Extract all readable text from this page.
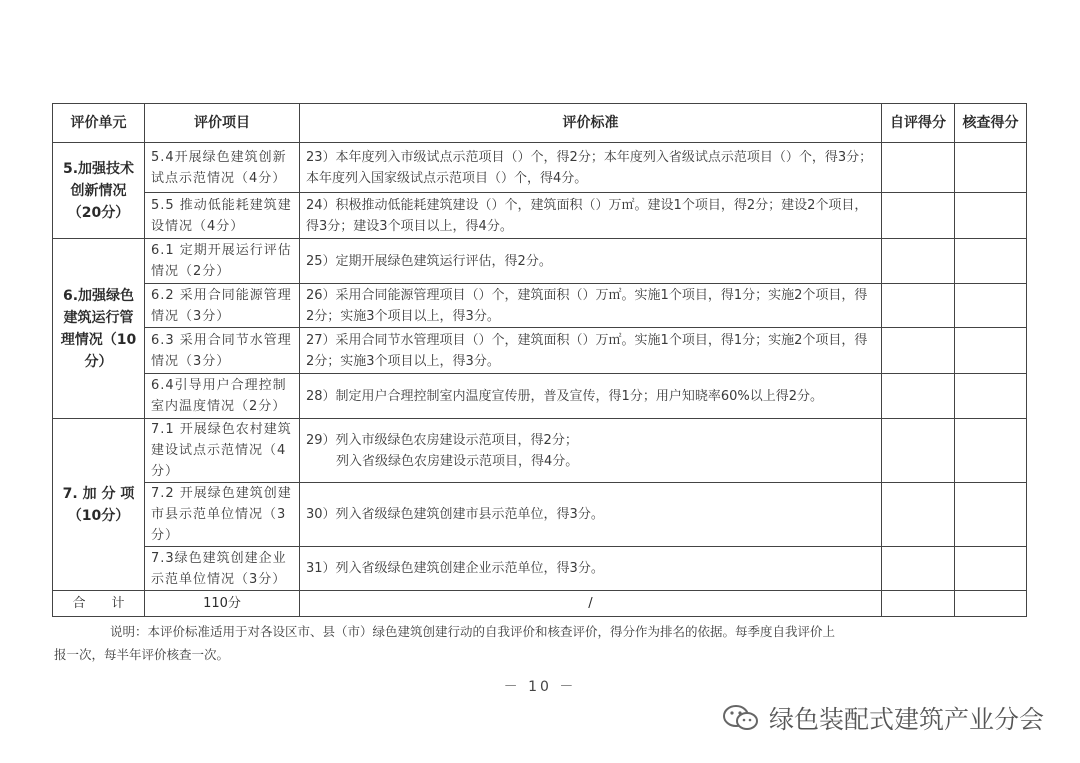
评价单元	评价项目	评价标准	自评得分	核查得分
5.加强技术创新情况（20分）	5.4开展绿色建筑创新试点示范情况（4分）	23）本年度列入市级试点示范项目（）个，得2分；本年度列入省级试点示范项目（）个，得3分；本年度列入国家级试点示范项目（）个，得4分。		
	5.5 推动低能耗建筑建设情况（4分）	24）积极推动低能耗建筑建设（）个，建筑面积（）万㎡。建设1个项目，得2分；建设2个项目，得3分；建设3个项目以上，得4分。		
6.加强绿色建筑运行管理情况（10分）	6.1 定期开展运行评估情况（2分）	25）定期开展绿色建筑运行评估，得2分。		
	6.2 采用合同能源管理情况（3分）	26）采用合同能源管理项目（）个，建筑面积（）万㎡。实施1个项目，得1分；实施2个项目，得2分；实施3个项目以上，得3分。		
	6.3 采用合同节水管理情况（3分）	27）采用合同节水管理项目（）个，建筑面积（）万㎡。实施1个项目，得1分；实施2个项目，得2分；实施3个项目以上，得3分。		
	6.4引导用户合理控制室内温度情况（2分）	28）制定用户合理控制室内温度宣传册，普及宣传，得1分；用户知晓率60%以上得2分。		
7. 加 分 项（10分）	7.1 开展绿色农村建筑建设试点示范情况（4分）	29）列入市级绿色农房建设示范项目，得2分；
列入省级绿色农房建设示范项目，得4分。		

	7.2 开展绿色建筑创建市县示范单位情况（3分）	30）列入省级绿色建筑创建市县示范单位，得3分。		
	7.3绿色建筑创建企业示范单位情况（3分）	31）列入省级绿色建筑创建企业示范单位，得3分。		
合　　计	110分	/		
说明：本评价标准适用于对各设区市、县（市）绿色建筑创建行动的自我评价和核查评价，得分作为排名的依据。每季度自我评价上

报一次，每半年评价核查一次。
－ 10 －
绿色装配式建筑产业分会
